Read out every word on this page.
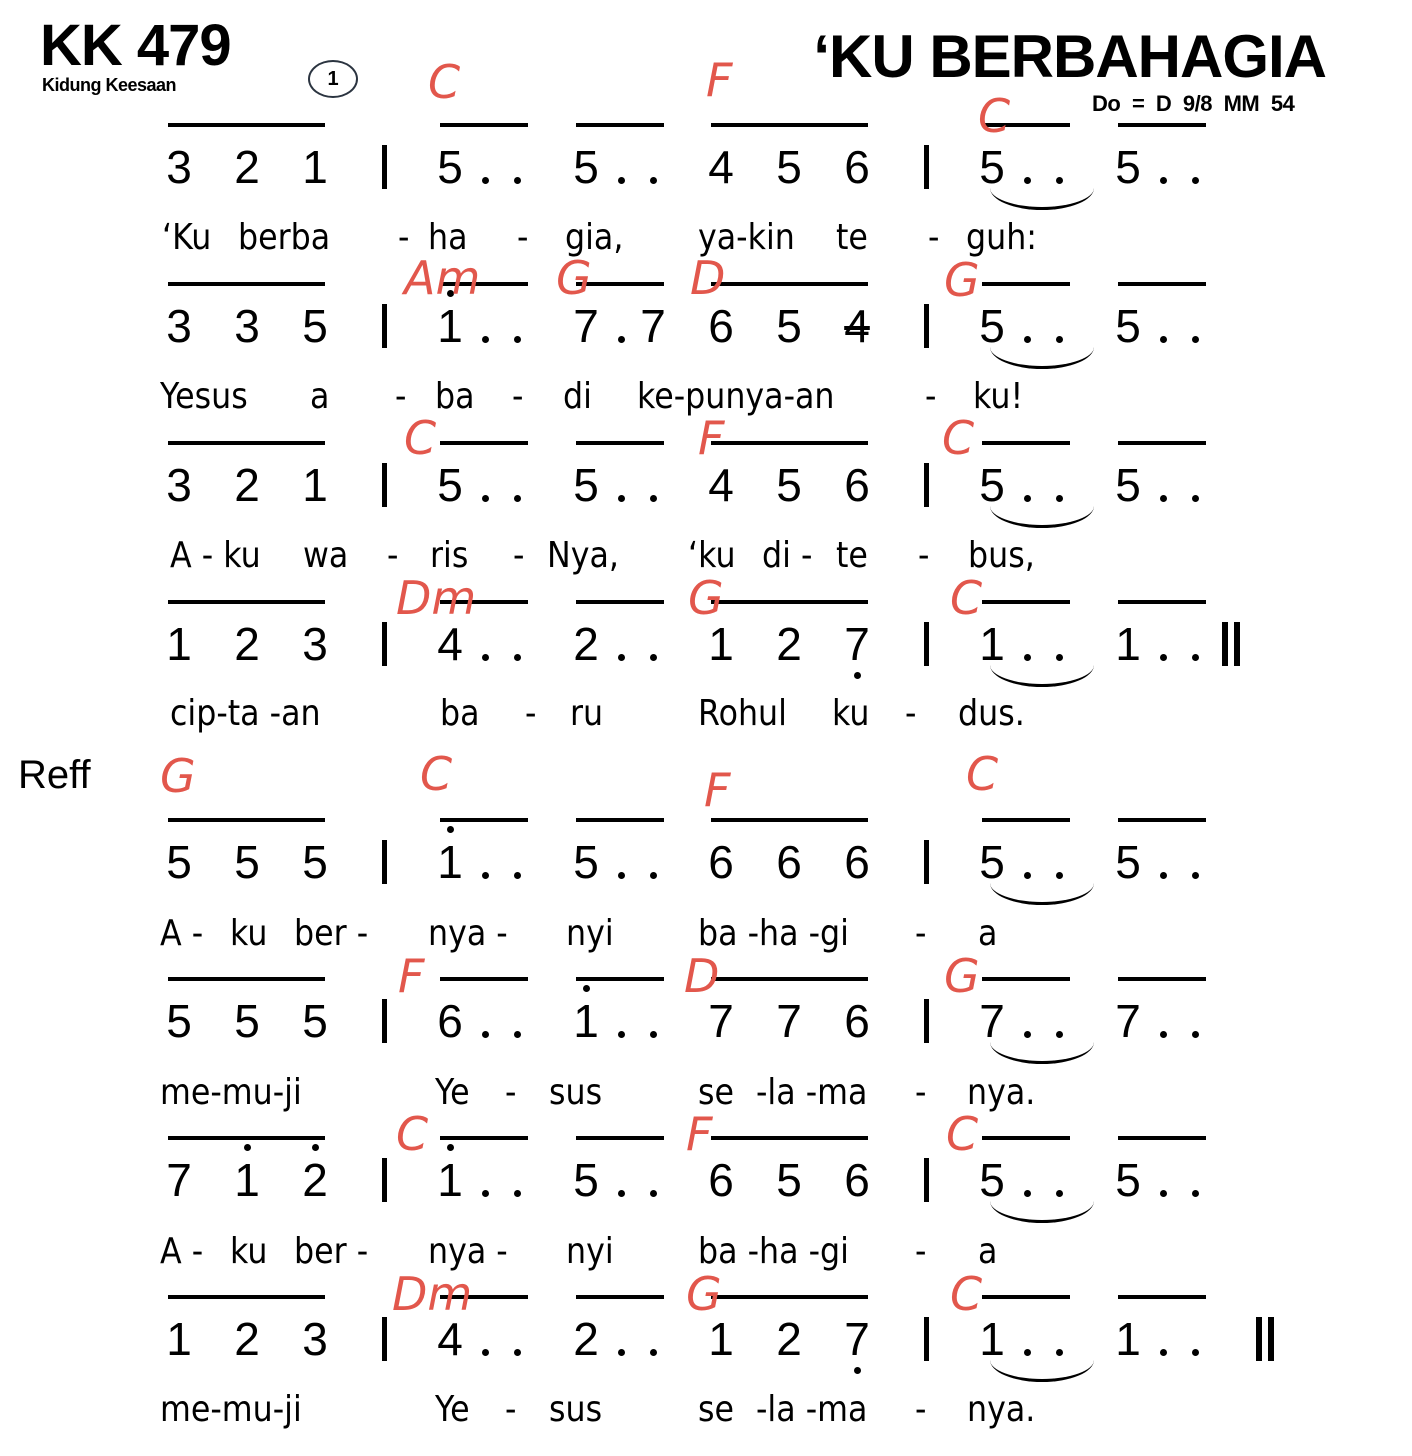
KK 479
Kidung Keesaan	1	‘KU BERBAHAGIA
Do = D 9/8 MM 54
Reff
3 2 1 5 5 4 5 6 5 5
‘Ku berba - ha - gia, ya-kin te - guh:
C	F
C
3 3 5 1 7 7 6 5 4 5 5
Yesus a - ba - di ke-punya-an	- ku!
Am G D	G
3 2 1 5 5 4 5 6 5 5
A - ku wa - ris - Nya, ‘ku di - te - bus,
C	F	C
1 2 3 4 2 1 2 7 1 1
cip-ta -an	ba - ru	Rohul ku - dus.
Dm	G	C
5 5 5 1 5 6 6 6 5 5
A - ku ber - nya - nyi ba -ha -gi - a
G	C	F	C
5 5 5 6 1 7 7 6 7 7
me-mu-ji	Ye - sus	se -la -ma - nya.
F	D	G
7 1 2 1 5 6 5 6 5 5
A - ku ber - nya - nyi ba -ha -gi - a
C	F	C
1 2 3 4 2 1 2 7 1 1
me-mu-ji	Ye - sus	se -la -ma - nya.
Dm	G	C
